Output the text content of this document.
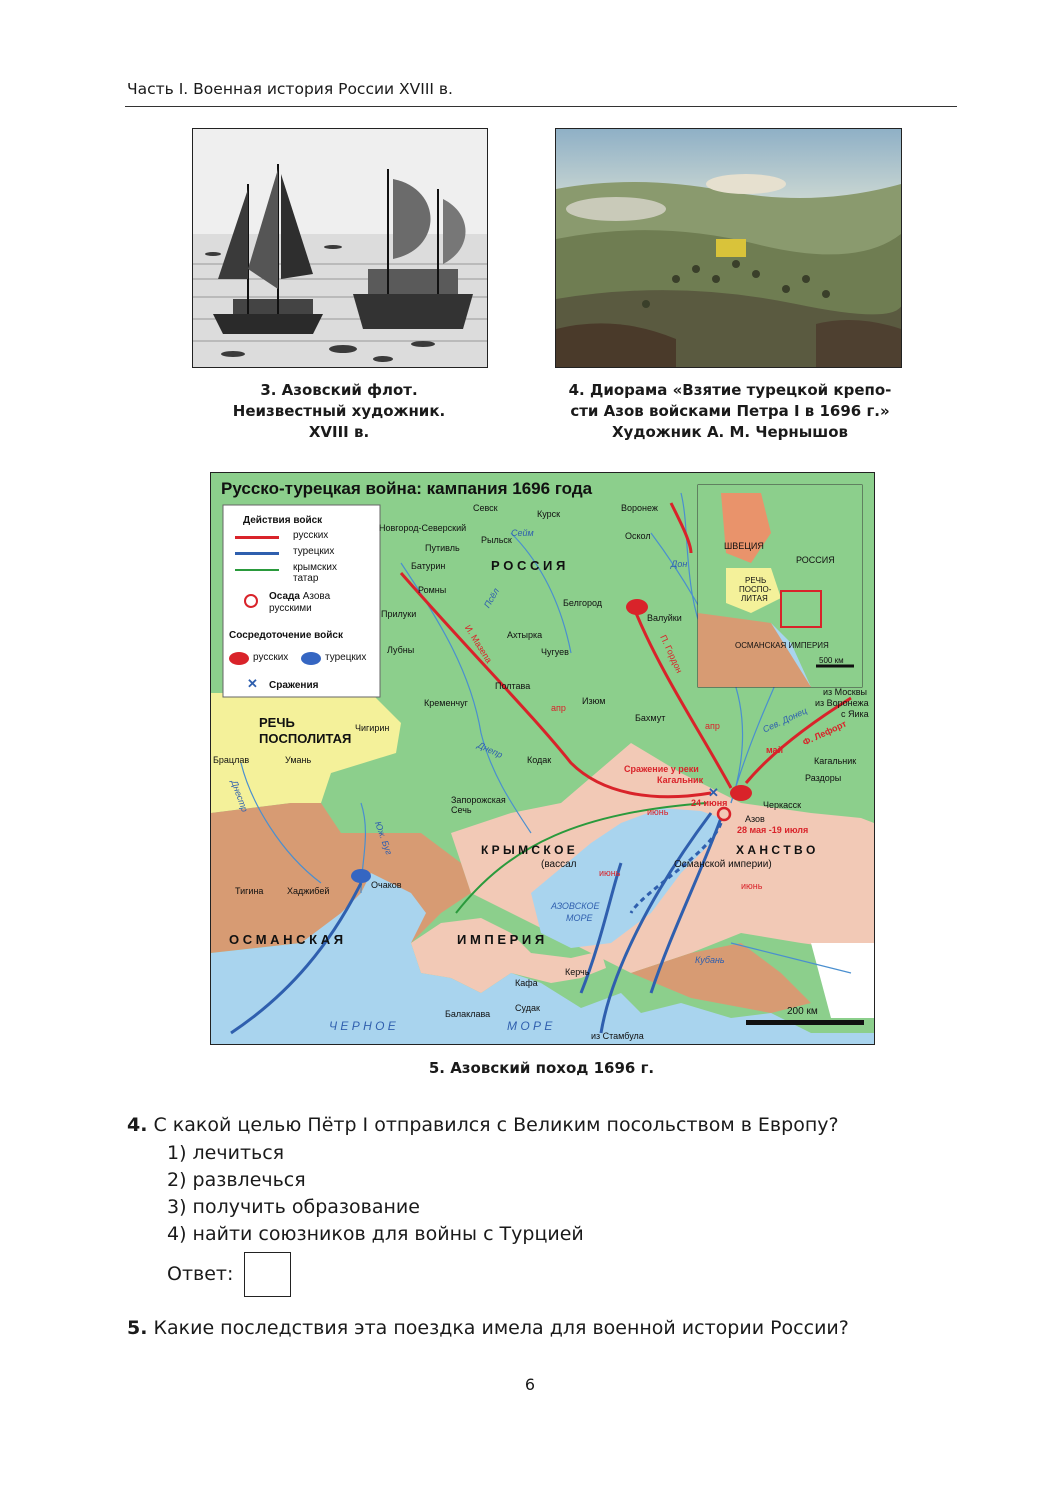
Часть I. Военная история России XVIII в.
3. Азовский флот.
Неизвестный художник.
XVIII в.
4. Диорама «Взятие турецкой крепо-
сти Азов войсками Петра I в 1696 г.»
Художник А. М. Чернышов
✕
Русско-турецкая война: кампания 1696 года
Действия войск
русских
турецких
крымских татар
Осада Азова
русскими
Сосредоточение войск
русских	турецких
✕ Сражения
Р О С С И Я
РЕЧЬ
ПОСПОЛИТАЯ
К Р Ы М С К О Е	Х А Н С Т В О
(вассал	Османской империи)
О С М А Н С К А Я	И М П Е Р И Я
Ч Е Р Н О Е	М О Р Е
АЗОВСКОЕ
МОРЕ
Новгород-Северский
Севск
Курск
Воронеж
Путивль
Рыльск	Оскол
Батурин
Ромны
Белгород
Прилуки	Валуйки
Ахтырка
Чугуев
Лубны
Полтава
Изюм
Кременчуг
Бахмут
Чигирин
Брацлав	Умань	Кодак
Запорожская Сечь
Раздоры
Кагальник
Черкасск
Азов
Очаков
Хаджибей
Тигина
Керчь
Кафа
Судак
Балаклава
Сейм
Псёл
Дон
Сев. Донец
Днепр
Днестр
Юж. Буг
Кубань
И. Мазепа	П. Гордон
Ф. Лефорт
апр
апр
май
июнь
июнь
июнь
Сражение у реки
Кагальник
24 июня
28 мая -19 июля
из Москвы
из Воронежа
с Яика
из Стамбула
ШВЕЦИЯ
РОССИЯ
РЕЧЬ
ПОСПО-
ЛИТАЯ
ОСМАНСКАЯ ИМПЕРИЯ
500 км
200 км
5. Азовский поход 1696 г.
4. С какой целью Пётр I отправился с Великим посольством в Европу?
1) лечиться
2) развлечься
3) получить образование
4) найти союзников для войны с Турцией
Ответ:
5. Какие последствия эта поездка имела для военной истории России?
6
